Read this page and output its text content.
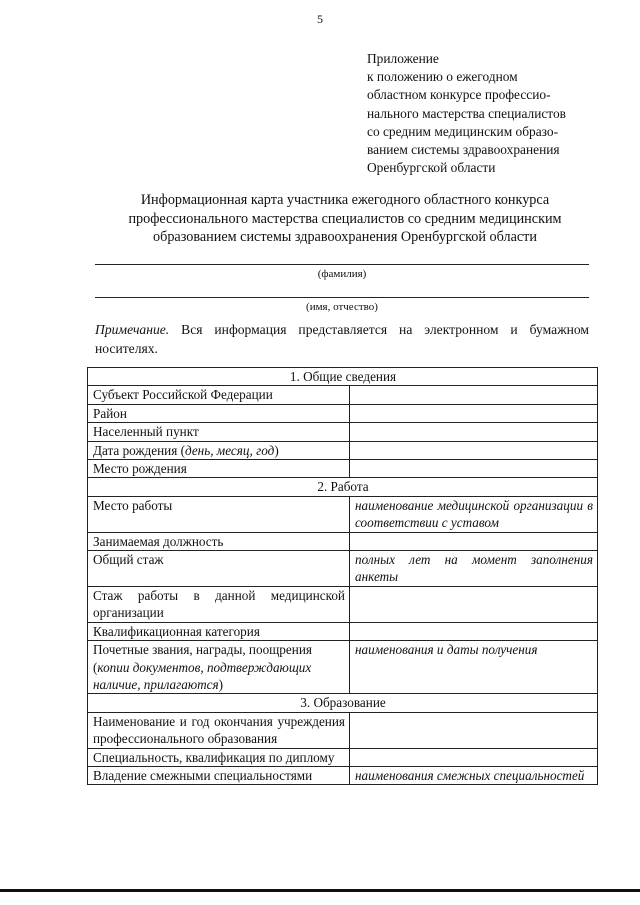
5
Приложение
к положению о ежегодном
областном конкурсе профессио-
нального мастерства специалистов
со средним медицинским образо-
ванием системы здравоохранения
Оренбургской области
Информационная карта участника ежегодного областного конкурса
профессионального мастерства специалистов со средним медицинским
образованием системы здравоохранения Оренбургской области
(фамилия)
(имя, отчество)
Примечание. Вся информация представляется на электронном и бумажном носителях.
1. Общие сведения	
Субъект Российской Федерации	
Район	
Населенный пункт	
Дата рождения (день, месяц, год)	
Место рождения	
2. Работа	
Место работы	наименование медицинской организации в соответствии с уставом
Занимаемая должность	
Общий стаж	полных лет на момент заполнения анкеты
Стаж работы в данной медицинской организации	
Квалификационная категория	
Почетные звания, награды, поощрения (копии документов, подтверждающих наличие, прилагаются)	наименования и даты получения
3. Образование	
Наименование и год окончания учреждения профессионального образования	
Специальность, квалификация по диплому	
Владение смежными специальностями	наименования смежных специальностей
